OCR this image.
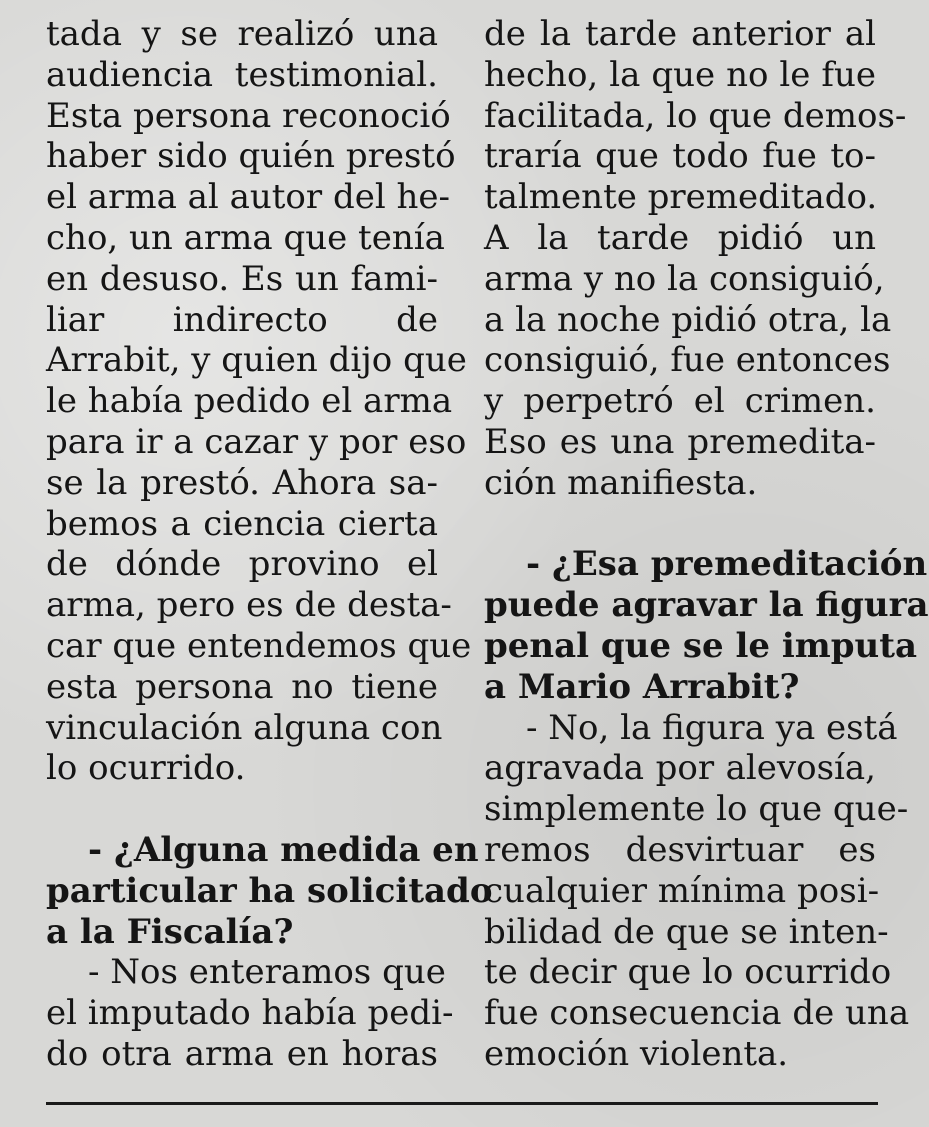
tada y se realizó una
audiencia testimonial.
Esta persona reconoció
haber sido quién prestó
el arma al autor del he-
cho, un arma que tenía
en desuso. Es un fami-
liar indirecto de
Arrabit, y quien dijo que
le había pedido el arma
para ir a cazar y por eso
se la prestó. Ahora sa-
bemos a ciencia cierta
de dónde provino el
arma, pero es de desta-
car que entendemos que
esta persona no tiene
vinculación alguna con
lo ocurrido.
- ¿Alguna medida en
particular ha solicitado
a la Fiscalía?
- Nos enteramos que
el imputado había pedi-
do otra arma en horas
de la tarde anterior al
hecho, la que no le fue
facilitada, lo que demos-
traría que todo fue to-
talmente premeditado.
A la tarde pidió un
arma y no la consiguió,
a la noche pidió otra, la
consiguió, fue entonces
y perpetró el crimen.
Eso es una premedita-
ción manifiesta.
- ¿Esa premeditación
puede agravar la figura
penal que se le imputa
a Mario Arrabit?
- No, la figura ya está
agravada por alevosía,
simplemente lo que que-
remos desvirtuar es
cualquier mínima posi-
bilidad de que se inten-
te decir que lo ocurrido
fue consecuencia de una
emoción violenta.
